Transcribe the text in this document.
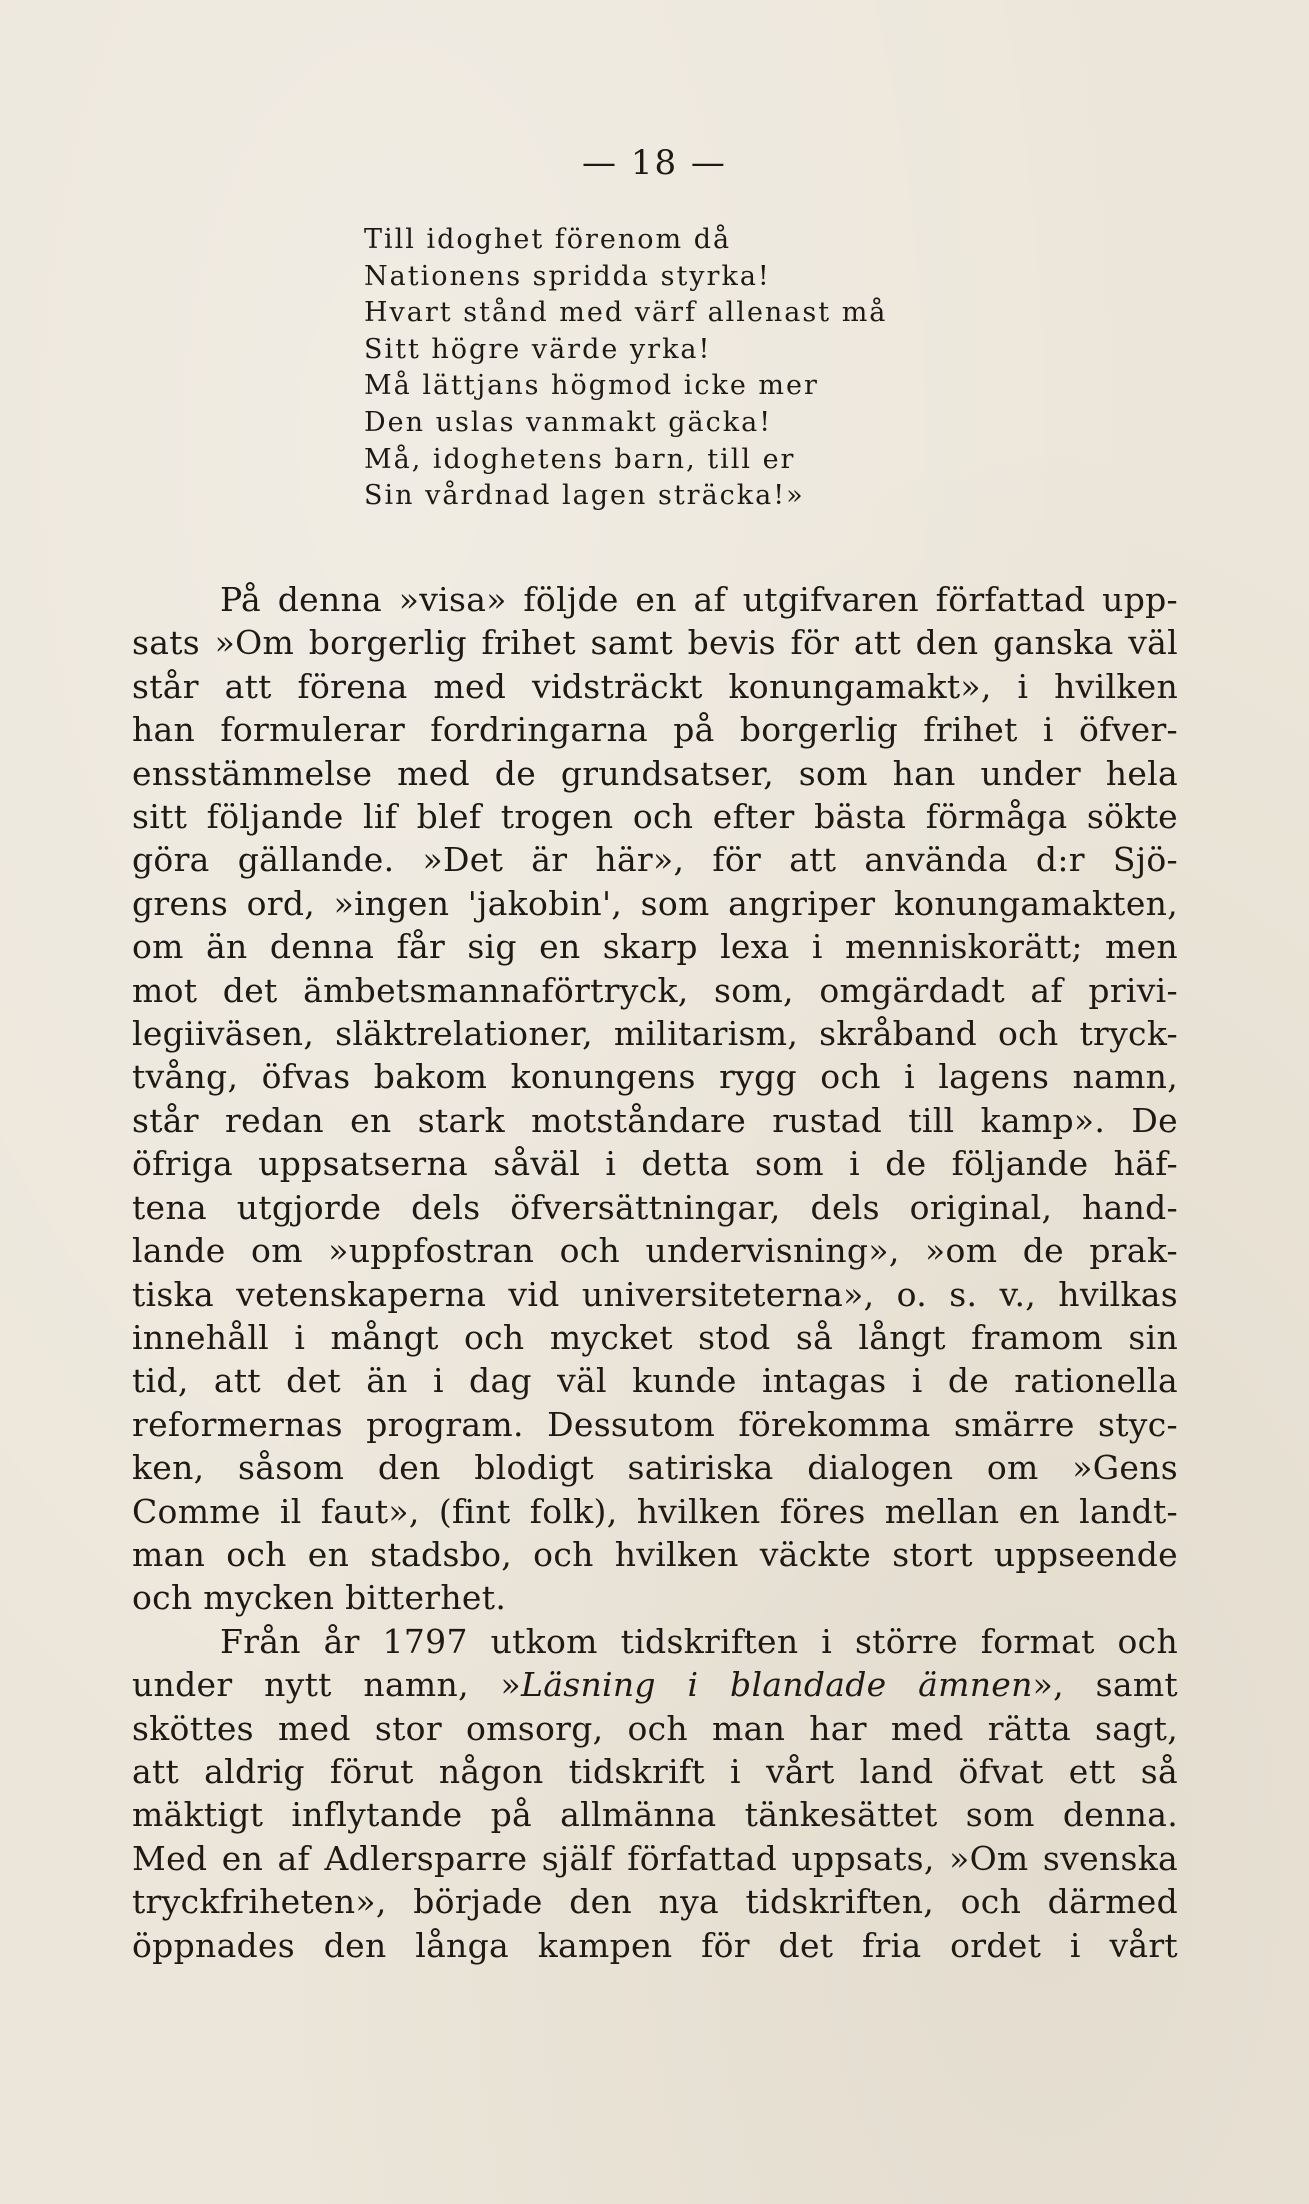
— 18 —
Till idoghet förenom då
Nationens spridda styrka!
Hvart stånd med värf allenast må
Sitt högre värde yrka!
Må lättjans högmod icke mer
Den uslas vanmakt gäcka!
Må, idoghetens barn, till er
Sin vårdnad lagen sträcka!»
På denna »visa» följde en af utgifvaren författad upp-
sats »Om borgerlig frihet samt bevis för att den ganska väl
står att förena med vidsträckt konungamakt», i hvilken
han formulerar fordringarna på borgerlig frihet i öfver-
ensstämmelse med de grundsatser, som han under hela
sitt följande lif blef trogen och efter bästa förmåga sökte
göra gällande. »Det är här», för att använda d:r Sjö-
grens ord, »ingen 'jakobin', som angriper konungamakten,
om än denna får sig en skarp lexa i menniskorätt; men
mot det ämbetsmannaförtryck, som, omgärdadt af privi-
legiiväsen, släktrelationer, militarism, skråband och tryck-
tvång, öfvas bakom konungens rygg och i lagens namn,
står redan en stark motståndare rustad till kamp». De
öfriga uppsatserna såväl i detta som i de följande häf-
tena utgjorde dels öfversättningar, dels original, hand-
lande om »uppfostran och undervisning», »om de prak-
tiska vetenskaperna vid universiteterna», o. s. v., hvilkas
innehåll i mångt och mycket stod så långt framom sin
tid, att det än i dag väl kunde intagas i de rationella
reformernas program. Dessutom förekomma smärre styc-
ken, såsom den blodigt satiriska dialogen om »Gens
Comme il faut», (fint folk), hvilken föres mellan en landt-
man och en stadsbo, och hvilken väckte stort uppseende
och mycken bitterhet.
Från år 1797 utkom tidskriften i större format och
under nytt namn, »Läsning i blandade ämnen», samt
sköttes med stor omsorg, och man har med rätta sagt,
att aldrig förut någon tidskrift i vårt land öfvat ett så
mäktigt inflytande på allmänna tänkesättet som denna.
Med en af Adlersparre själf författad uppsats, »Om svenska
tryckfriheten», började den nya tidskriften, och därmed
öppnades den långa kampen för det fria ordet i vårt
